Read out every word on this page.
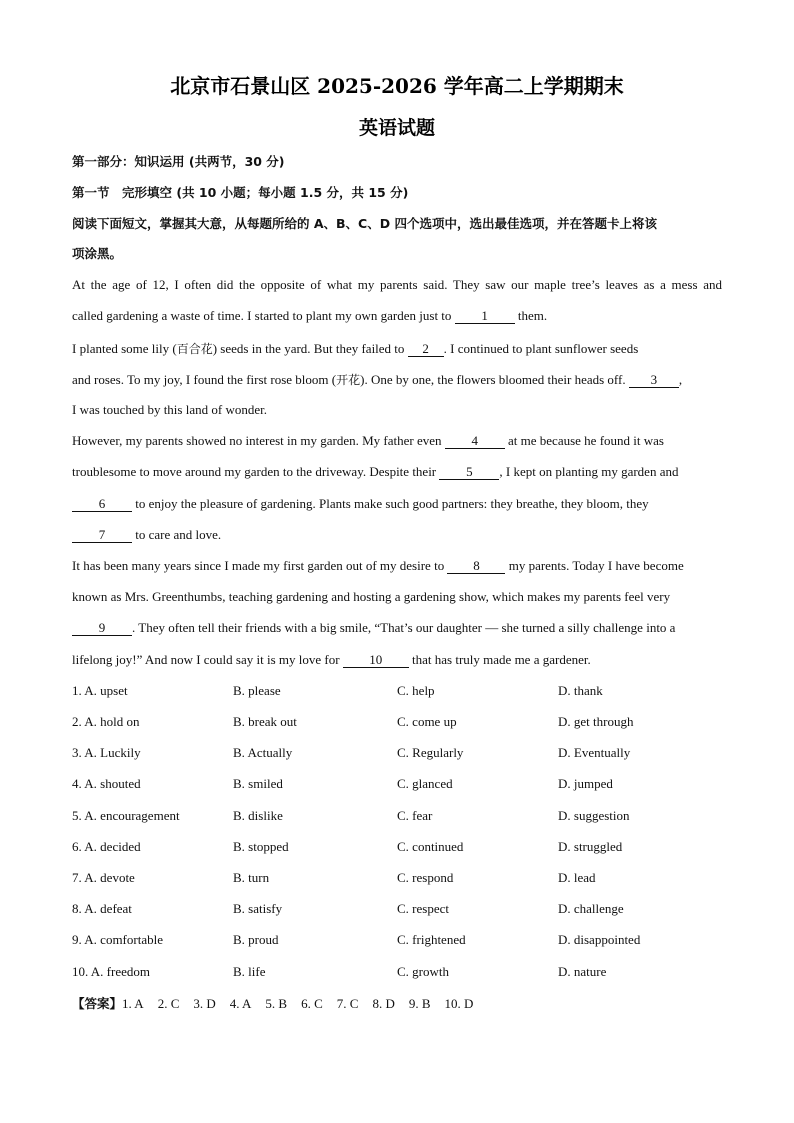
北京市石景山区 2025-2026 学年高二上学期期末
英语试题
第一部分：知识运用 (共两节，30 分)
第一节　完形填空 (共 10 小题；每小题 1.5 分，共 15 分)
阅读下面短文，掌握其大意，从每题所给的 A、B、C、D 四个选项中，选出最佳选项，并在答题卡上将该
项涂黑。
At the age of 12, I often did the opposite of what my parents said. They saw our maple tree’s leaves as a mess and
called gardening a waste of time. I started to plant my own garden just to 1 them.
I planted some lily (百合花) seeds in the yard. But they failed to 2 . I continued to plant sunflower seeds
and roses. To my joy, I found the first rose bloom (开花). One by one, the flowers bloomed their heads off. 3 ,
I was touched by this land of wonder.
However, my parents showed no interest in my garden. My father even 4 at me because he found it was
troublesome to move around my garden to the driveway. Despite their 5 , I kept on planting my garden and
6 to enjoy the pleasure of gardening. Plants make such good partners: they breathe, they bloom, they
7 to care and love.
It has been many years since I made my first garden out of my desire to 8 my parents. Today I have become
known as Mrs. Greenthumbs, teaching gardening and hosting a gardening show, which makes my parents feel very
9 . They often tell their friends with a big smile, “That’s our daughter — she turned a silly challenge into a
lifelong joy!” And now I could say it is my love for 10 that has truly made me a gardener.
1. A. upset	B. please	C. help	D. thank
2. A. hold on	B. break out	C. come up	D. get through
3. A. Luckily	B. Actually	C. Regularly	D. Eventually
4. A. shouted	B. smiled	C. glanced	D. jumped
5. A. encouragement	B. dislike	C. fear	D. suggestion
6. A. decided	B. stopped	C. continued	D. struggled
7. A. devote	B. turn	C. respond	D. lead
8. A. defeat	B. satisfy	C. respect	D. challenge
9. A. comfortable	B. proud	C. frightened	D. disappointed
10. A. freedom	B. life	C. growth	D. nature
【答案】1. A 2. C 3. D 4. A 5. B 6. C 7. C 8. D 9. B 10. D
